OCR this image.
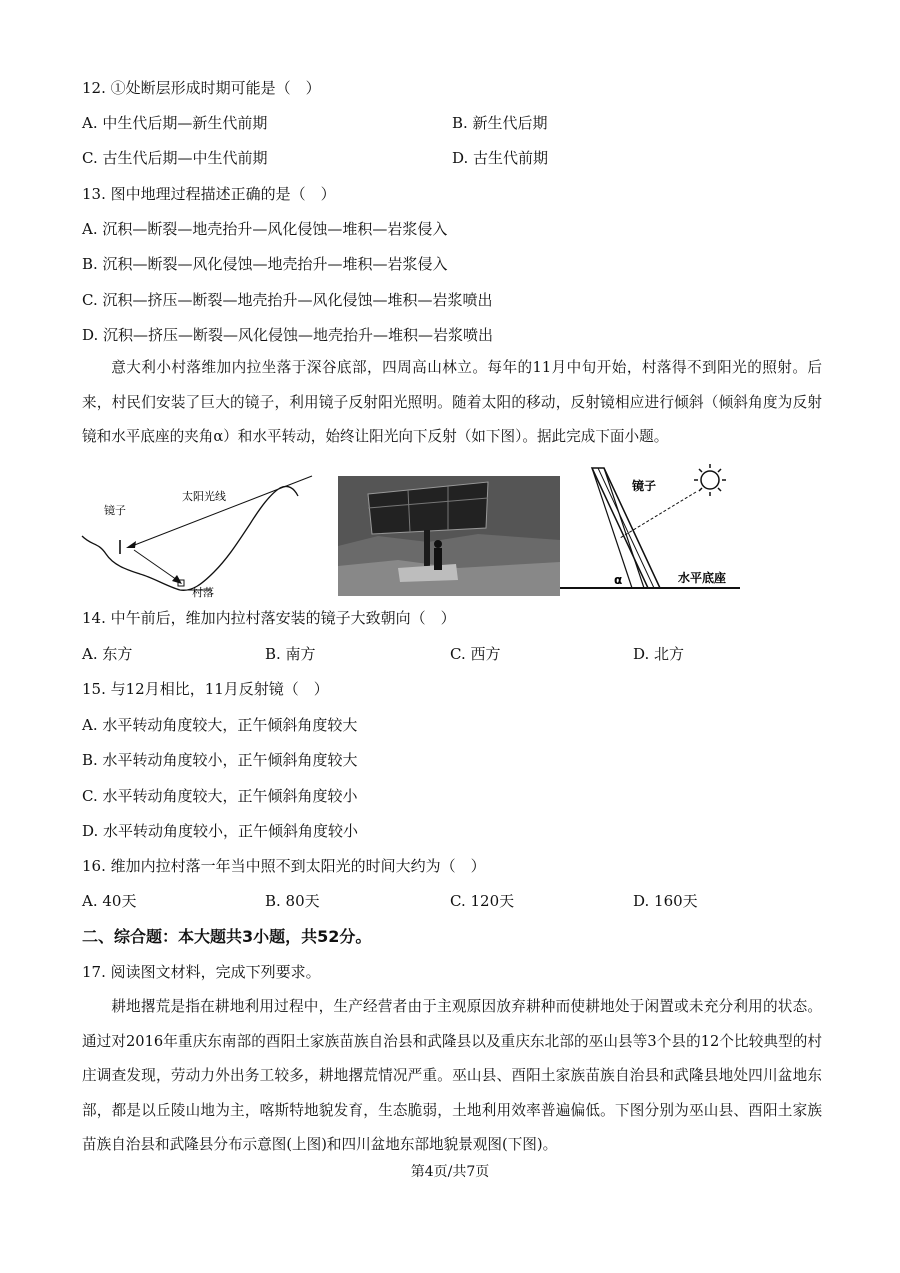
12. ①处断层形成时期可能是（　）
A. 中生代后期—新生代前期	B. 新生代后期
C. 古生代后期—中生代前期	D. 古生代前期
13. 图中地理过程描述正确的是（　）
A. 沉积—断裂—地壳抬升—风化侵蚀—堆积—岩浆侵入
B. 沉积—断裂—风化侵蚀—地壳抬升—堆积—岩浆侵入
C. 沉积—挤压—断裂—地壳抬升—风化侵蚀—堆积—岩浆喷出
D. 沉积—挤压—断裂—风化侵蚀—地壳抬升—堆积—岩浆喷出
意大利小村落维加内拉坐落于深谷底部，四周高山林立。每年的11月中旬开始，村落得不到阳光的照射。后来，村民们安装了巨大的镜子，利用镜子反射阳光照明。随着太阳的移动，反射镜相应进行倾斜（倾斜角度为反射镜和水平底座的夹角α）和水平转动，始终让阳光向下反射（如下图）。据此完成下面小题。
太阳光线
镜子
村落
镜子
α	水平底座
14. 中午前后，维加内拉村落安装的镜子大致朝向（　）
A. 东方	B. 南方	C. 西方	D. 北方
15. 与12月相比，11月反射镜（　）
A. 水平转动角度较大，正午倾斜角度较大
B. 水平转动角度较小，正午倾斜角度较大
C. 水平转动角度较大，正午倾斜角度较小
D. 水平转动角度较小，正午倾斜角度较小
16. 维加内拉村落一年当中照不到太阳光的时间大约为（　）
A. 40天	B. 80天	C. 120天	D. 160天
二、综合题：本大题共3小题，共52分。
17. 阅读图文材料，完成下列要求。
耕地撂荒是指在耕地利用过程中，生产经营者由于主观原因放弃耕种而使耕地处于闲置或未充分利用的状态。通过对2016年重庆东南部的酉阳土家族苗族自治县和武隆县以及重庆东北部的巫山县等3个县的12个比较典型的村庄调查发现，劳动力外出务工较多，耕地撂荒情况严重。巫山县、酉阳土家族苗族自治县和武隆县地处四川盆地东部，都是以丘陵山地为主，喀斯特地貌发育，生态脆弱，土地利用效率普遍偏低。下图分别为巫山县、酉阳土家族苗族自治县和武隆县分布示意图(上图)和四川盆地东部地貌景观图(下图)。
第4页/共7页
